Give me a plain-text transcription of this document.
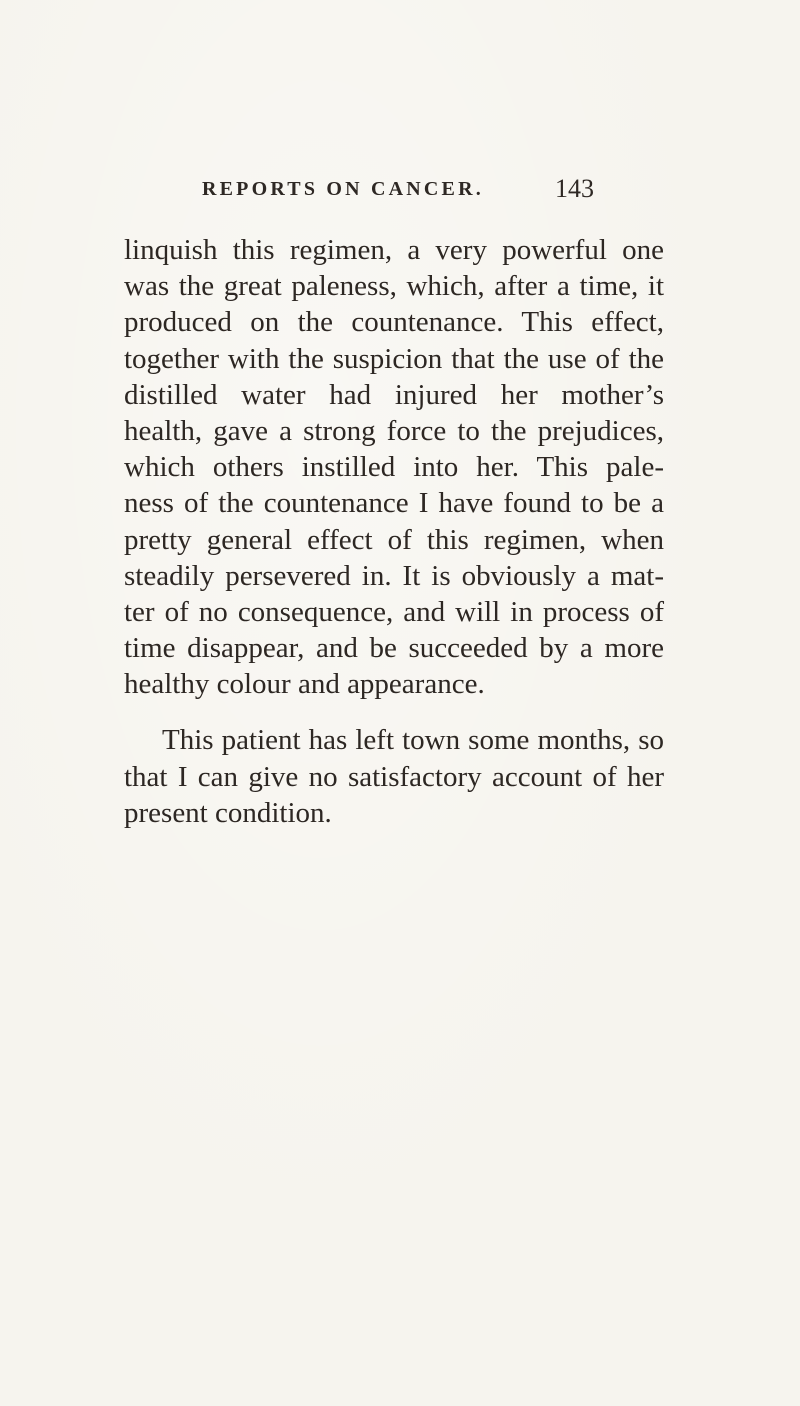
REPORTS ON CANCER.	143
linquish this regimen, a very powerful one
was the great paleness, which, after a time, it
produced on the countenance. This effect,
together with the suspicion that the use of the
distilled water had injured her mother’s
health, gave a strong force to the prejudices,
which others instilled into her. This pale-
ness of the countenance I have found to be a
pretty general effect of this regimen, when
steadily persevered in. It is obviously a mat-
ter of no consequence, and will in process of
time disappear, and be succeeded by a more
healthy colour and appearance.
This patient has left town some months, so
that I can give no satisfactory account of her
present condition.
